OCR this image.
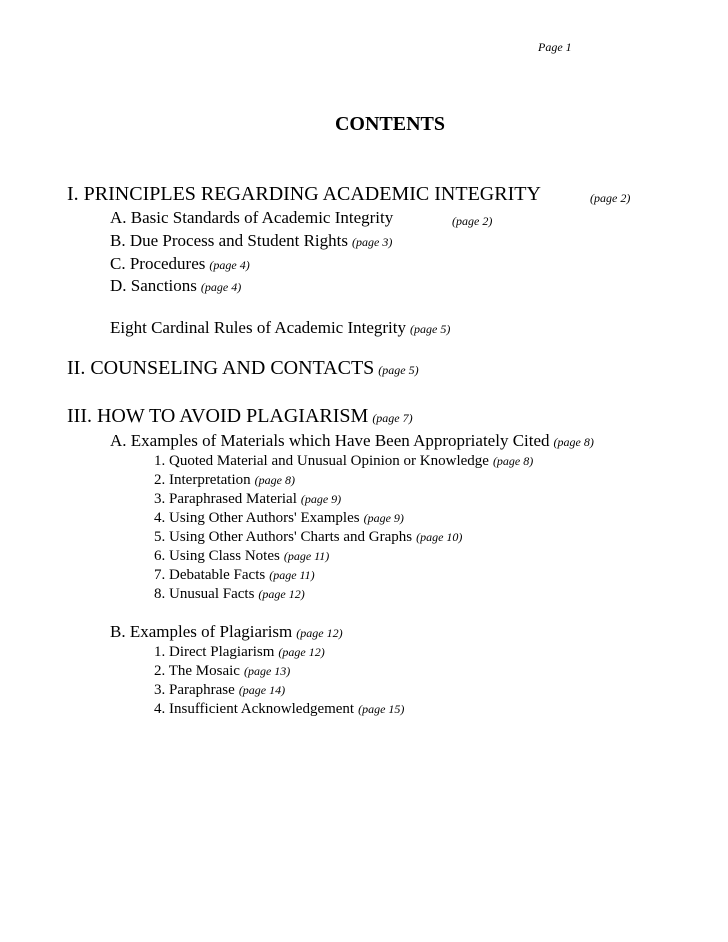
Page 1
CONTENTS
I. PRINCIPLES REGARDING ACADEMIC INTEGRITY	(page 2)
A. Basic Standards of Academic Integrity	(page 2)
B. Due Process and Student Rights (page 3)
C. Procedures (page 4)
D. Sanctions (page 4)
Eight Cardinal Rules of Academic Integrity (page 5)
II. COUNSELING AND CONTACTS (page 5)
III. HOW TO AVOID PLAGIARISM (page 7)
A. Examples of Materials which Have Been Appropriately Cited (page 8)
1. Quoted Material and Unusual Opinion or Knowledge (page 8)
2. Interpretation (page 8)
3. Paraphrased Material (page 9)
4. Using Other Authors' Examples (page 9)
5. Using Other Authors' Charts and Graphs (page 10)
6. Using Class Notes (page 11)
7. Debatable Facts (page 11)
8. Unusual Facts (page 12)
B. Examples of Plagiarism (page 12)
1. Direct Plagiarism (page 12)
2. The Mosaic (page 13)
3. Paraphrase (page 14)
4. Insufficient Acknowledgement (page 15)
